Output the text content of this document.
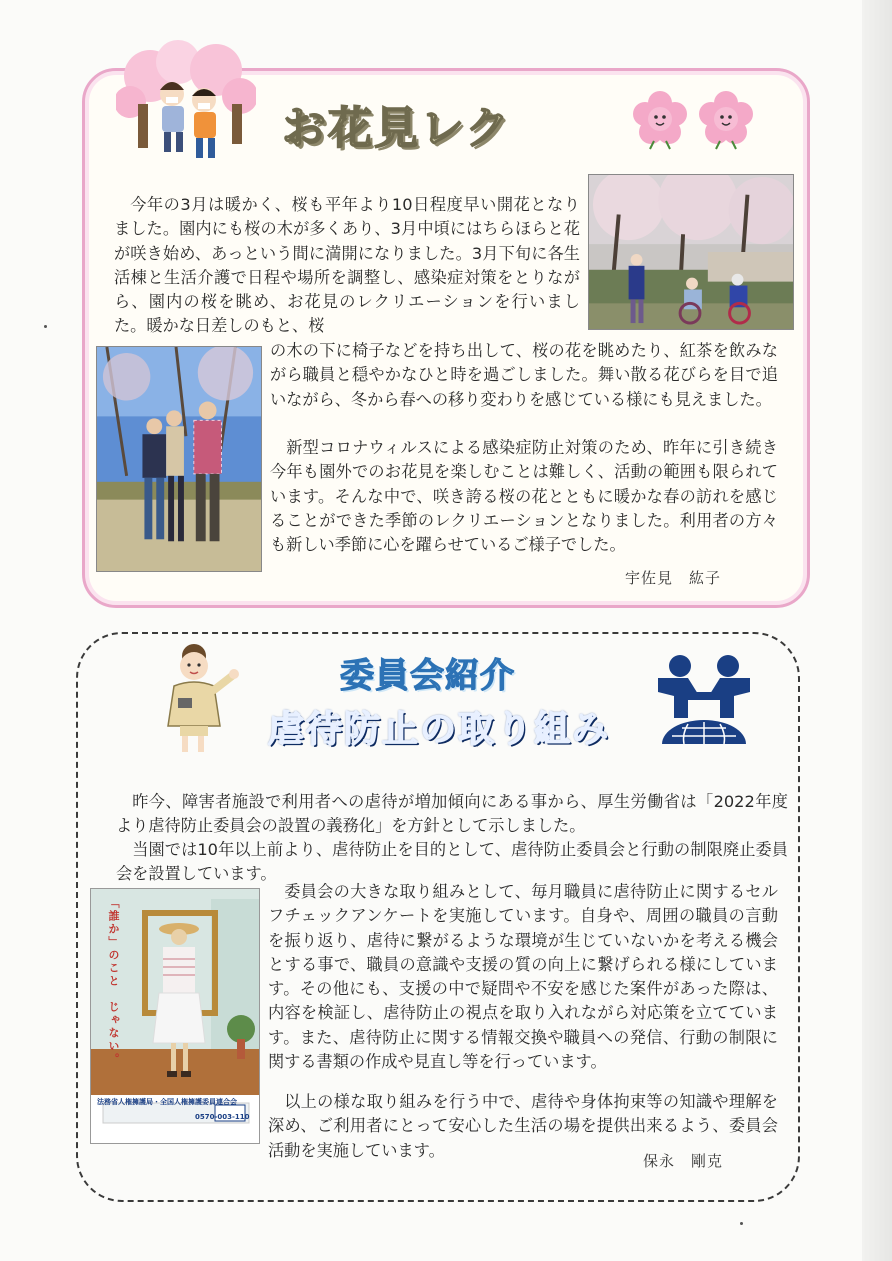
お花見レク

今年の3月は暖かく、桜も平年より10日程度早い開花となりました。園内にも桜の木が多くあり、3月中頃にはちらほらと花が咲き始め、あっという間に満開になりました。3月下旬に各生活棟と生活介護で日程や場所を調整し、感染症対策をとりながら、園内の桜を眺め、お花見のレクリエーションを行いました。暖かな日差しのもと、桜

の木の下に椅子などを持ち出して、桜の花を眺めたり、紅茶を飲みながら職員と穏やかなひと時を過ごしました。舞い散る花びらを目で追いながら、冬から春への移り変わりを感じている様にも見えました。

新型コロナウィルスによる感染症防止対策のため、昨年に引き続き今年も園外でのお花見を楽しむことは難しく、活動の範囲も限られています。そんな中で、咲き誇る桜の花とともに暖かな春の訪れを感じることができた季節のレクリエーションとなりました。利用者の方々も新しい季節に心を躍らせているご様子でした。

宇佐見　紘子
委員会紹介
虐待防止の取り組み

昨今、障害者施設で利用者への虐待が増加傾向にある事から、厚生労働省は「2022年度より虐待防止委員会の設置の義務化」を方針として示しました。

当園では10年以上前より、虐待防止を目的として、虐待防止委員会と行動の制限廃止委員会を設置しています。

「誰か」のこと　じゃない。
法務省人権擁護局・全国人権擁護委員連合会
0570-003-110

委員会の大きな取り組みとして、毎月職員に虐待防止に関するセルフチェックアンケートを実施しています。自身や、周囲の職員の言動を振り返り、虐待に繋がるような環境が生じていないかを考える機会とする事で、職員の意識や支援の質の向上に繋げられる様にしています。その他にも、支援の中で疑問や不安を感じた案件があった際は、内容を検証し、虐待防止の視点を取り入れながら対応策を立てています。また、虐待防止に関する情報交換や職員への発信、行動の制限に関する書類の作成や見直し等を行っています。

以上の様な取り組みを行う中で、虐待や身体拘束等の知識や理解を深め、ご利用者にとって安心した生活の場を提供出来るよう、委員会活動を実施しています。

保永　剛克
